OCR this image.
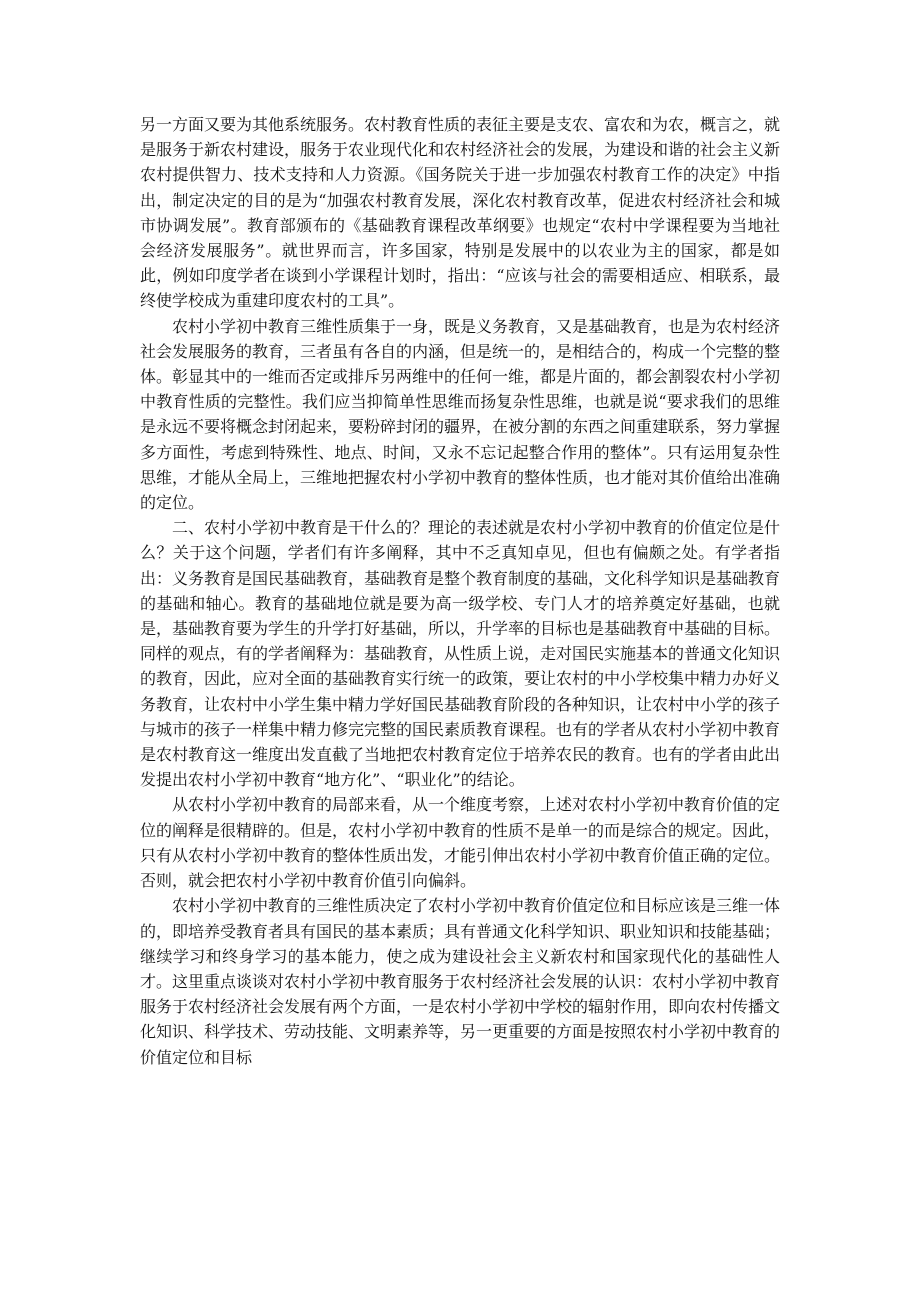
另一方面又要为其他系统服务。农村教育性质的表征主要是支农、富农和为农，概言之，就是服务于新农村建设，服务于农业现代化和农村经济社会的发展，为建设和谐的社会主义新农村提供智力、技术支持和人力资源。《国务院关于进一步加强农村教育工作的决定》中指出，制定决定的目的是为“加强农村教育发展，深化农村教育改革，促进农村经济社会和城市协调发展”。教育部颁布的《基础教育课程改革纲要》也规定“农村中学课程要为当地社会经济发展服务”。就世界而言，许多国家，特别是发展中的以农业为主的国家，都是如此，例如印度学者在谈到小学课程计划时，指出：“应该与社会的需要相适应、相联系，最终使学校成为重建印度农村的工具”。

农村小学初中教育三维性质集于一身，既是义务教育，又是基础教育，也是为农村经济社会发展服务的教育，三者虽有各自的内涵，但是统一的，是相结合的，构成一个完整的整体。彰显其中的一维而否定或排斥另两维中的任何一维，都是片面的，都会割裂农村小学初中教育性质的完整性。我们应当抑简单性思维而扬复杂性思维，也就是说“要求我们的思维是永远不要将概念封闭起来，要粉碎封闭的疆界，在被分割的东西之间重建联系，努力掌握多方面性，考虑到特殊性、地点、时间，又永不忘记起整合作用的整体”。只有运用复杂性思维，才能从全局上，三维地把握农村小学初中教育的整体性质，也才能对其价值给出准确的定位。

二、农村小学初中教育是干什么的？理论的表述就是农村小学初中教育的价值定位是什么？关于这个问题，学者们有许多阐释，其中不乏真知卓见，但也有偏颇之处。有学者指出：义务教育是国民基础教育，基础教育是整个教育制度的基础，文化科学知识是基础教育的基础和轴心。教育的基础地位就是要为高一级学校、专门人才的培养奠定好基础，也就是，基础教育要为学生的升学打好基础，所以，升学率的目标也是基础教育中基础的目标。同样的观点，有的学者阐释为：基础教育，从性质上说，走对国民实施基本的普通文化知识的教育，因此，应对全面的基础教育实行统一的政策，要让农村的中小学校集中精力办好义务教育，让农村中小学生集中精力学好国民基础教育阶段的各种知识，让农村中小学的孩子与城市的孩子一样集中精力修完完整的国民素质教育课程。也有的学者从农村小学初中教育是农村教育这一维度出发直截了当地把农村教育定位于培养农民的教育。也有的学者由此出发提出农村小学初中教育“地方化”、“职业化”的结论。

从农村小学初中教育的局部来看，从一个维度考察，上述对农村小学初中教育价值的定位的阐释是很精辟的。但是，农村小学初中教育的性质不是单一的而是综合的规定。因此，只有从农村小学初中教育的整体性质出发，才能引伸出农村小学初中教育价值正确的定位。否则，就会把农村小学初中教育价值引向偏斜。

农村小学初中教育的三维性质决定了农村小学初中教育价值定位和目标应该是三维一体的，即培养受教育者具有国民的基本素质；具有普通文化科学知识、职业知识和技能基础；继续学习和终身学习的基本能力，使之成为建设社会主义新农村和国家现代化的基础性人才。这里重点谈谈对农村小学初中教育服务于农村经济社会发展的认识：农村小学初中教育服务于农村经济社会发展有两个方面，一是农村小学初中学校的辐射作用，即向农村传播文化知识、科学技术、劳动技能、文明素养等，另一更重要的方面是按照农村小学初中教育的价值定位和目标
